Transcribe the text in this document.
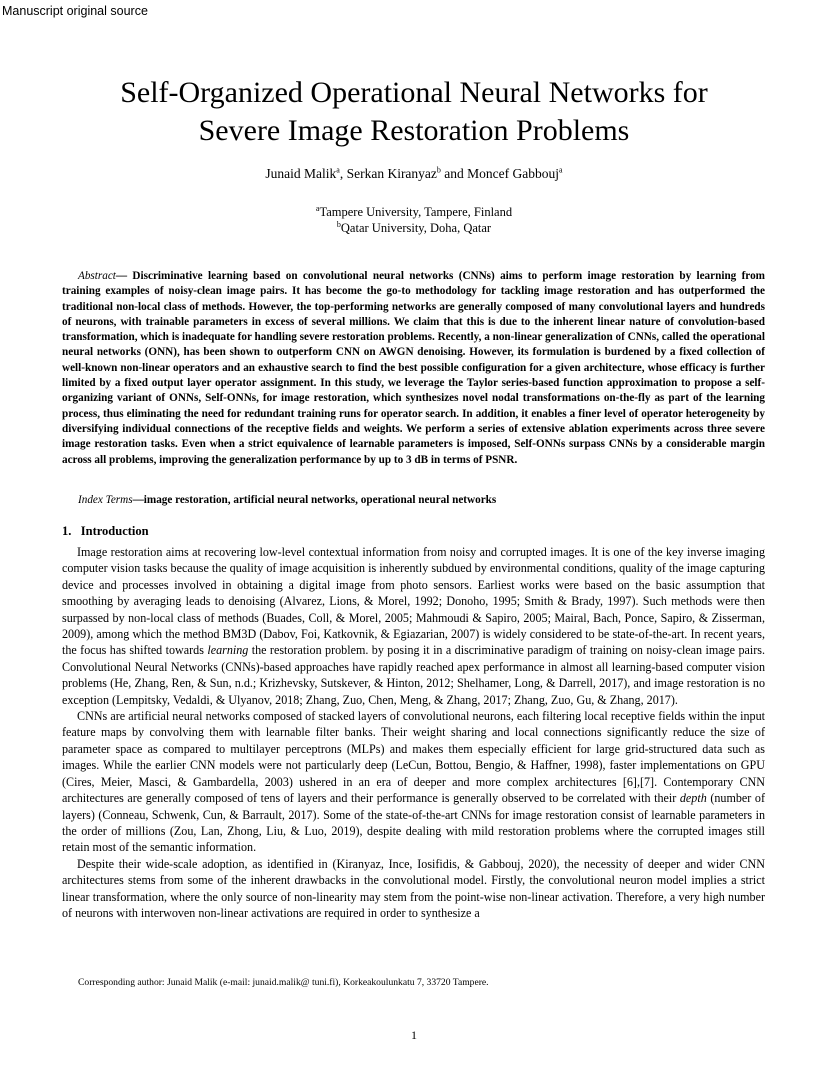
Manuscript original source
Self-Organized Operational Neural Networks for
Severe Image Restoration Problems
Junaid Malik$^a$, Serkan Kiranyaz$^b$ and Moncef Gabbouj$^a$
$^a$Tampere University, Tampere, Finland
$^b$Qatar University, Doha, Qatar

Abstract— Discriminative learning based on convolutional neural networks (CNNs) aims to perform image restoration by learning from training examples of noisy-clean image pairs. It has become the go-to methodology for tackling image restoration and has outperformed the traditional non-local class of methods. However, the top-performing networks are generally composed of many convolutional layers and hundreds of neurons, with trainable parameters in excess of several millions. We claim that this is due to the inherent linear nature of convolution-based transformation, which is inadequate for handling severe restoration problems. Recently, a non-linear generalization of CNNs, called the operational neural networks (ONN), has been shown to outperform CNN on AWGN denoising. However, its formulation is burdened by a fixed collection of well-known non-linear operators and an exhaustive search to find the best possible configuration for a given architecture, whose efficacy is further limited by a fixed output layer operator assignment. In this study, we leverage the Taylor series-based function approximation to propose a self-organizing variant of ONNs, Self-ONNs, for image restoration, which synthesizes novel nodal transformations on-the-fly as part of the learning process, thus eliminating the need for redundant training runs for operator search. In addition, it enables a finer level of operator heterogeneity by diversifying individual connections of the receptive fields and weights. We perform a series of extensive ablation experiments across three severe image restoration tasks. Even when a strict equivalence of learnable parameters is imposed, Self-ONNs surpass CNNs by a considerable margin across all problems, improving the generalization performance by up to 3 dB in terms of PSNR.

Index Terms—image restoration, artificial neural networks, operational neural networks

1.   Introduction

Image restoration aims at recovering low-level contextual information from noisy and corrupted images. It is one of the key inverse imaging computer vision tasks because the quality of image acquisition is inherently subdued by environmental conditions, quality of the image capturing device and processes involved in obtaining a digital image from photo sensors. Earliest works were based on the basic assumption that smoothing by averaging leads to denoising (Alvarez, Lions, & Morel, 1992; Donoho, 1995; Smith & Brady, 1997). Such methods were then surpassed by non-local class of methods (Buades, Coll, & Morel, 2005; Mahmoudi & Sapiro, 2005; Mairal, Bach, Ponce, Sapiro, & Zisserman, 2009), among which the method BM3D (Dabov, Foi, Katkovnik, & Egiazarian, 2007) is widely considered to be state-of-the-art. In recent years, the focus has shifted towards learning the restoration problem. by posing it in a discriminative paradigm of training on noisy-clean image pairs. Convolutional Neural Networks (CNNs)-based approaches have rapidly reached apex performance in almost all learning-based computer vision problems (He, Zhang, Ren, & Sun, n.d.; Krizhevsky, Sutskever, & Hinton, 2012; Shelhamer, Long, & Darrell, 2017), and image restoration is no exception (Lempitsky, Vedaldi, & Ulyanov, 2018; Zhang, Zuo, Chen, Meng, & Zhang, 2017; Zhang, Zuo, Gu, & Zhang, 2017).

CNNs are artificial neural networks composed of stacked layers of convolutional neurons, each filtering local receptive fields within the input feature maps by convolving them with learnable filter banks. Their weight sharing and local connections significantly reduce the size of parameter space as compared to multilayer perceptrons (MLPs) and makes them especially efficient for large grid-structured data such as images. While the earlier CNN models were not particularly deep (LeCun, Bottou, Bengio, & Haffner, 1998), faster implementations on GPU (Cires, Meier, Masci, & Gambardella, 2003) ushered in an era of deeper and more complex architectures [6],[7]. Contemporary CNN architectures are generally composed of tens of layers and their performance is generally observed to be correlated with their depth (number of layers) (Conneau, Schwenk, Cun, & Barrault, 2017). Some of the state-of-the-art CNNs for image restoration consist of learnable parameters in the order of millions (Zou, Lan, Zhong, Liu, & Luo, 2019), despite dealing with mild restoration problems where the corrupted images still retain most of the semantic information.

Despite their wide-scale adoption, as identified in (Kiranyaz, Ince, Iosifidis, & Gabbouj, 2020), the necessity of deeper and wider CNN architectures stems from some of the inherent drawbacks in the convolutional model. Firstly, the convolutional neuron model implies a strict linear transformation, where the only source of non-linearity may stem from the point-wise non-linear activation. Therefore, a very high number of neurons with interwoven non-linear activations are required in order to synthesize a

Corresponding author: Junaid Malik (e-mail: junaid.malik@ tuni.fi), Korkeakoulunkatu 7, 33720 Tampere.
1
